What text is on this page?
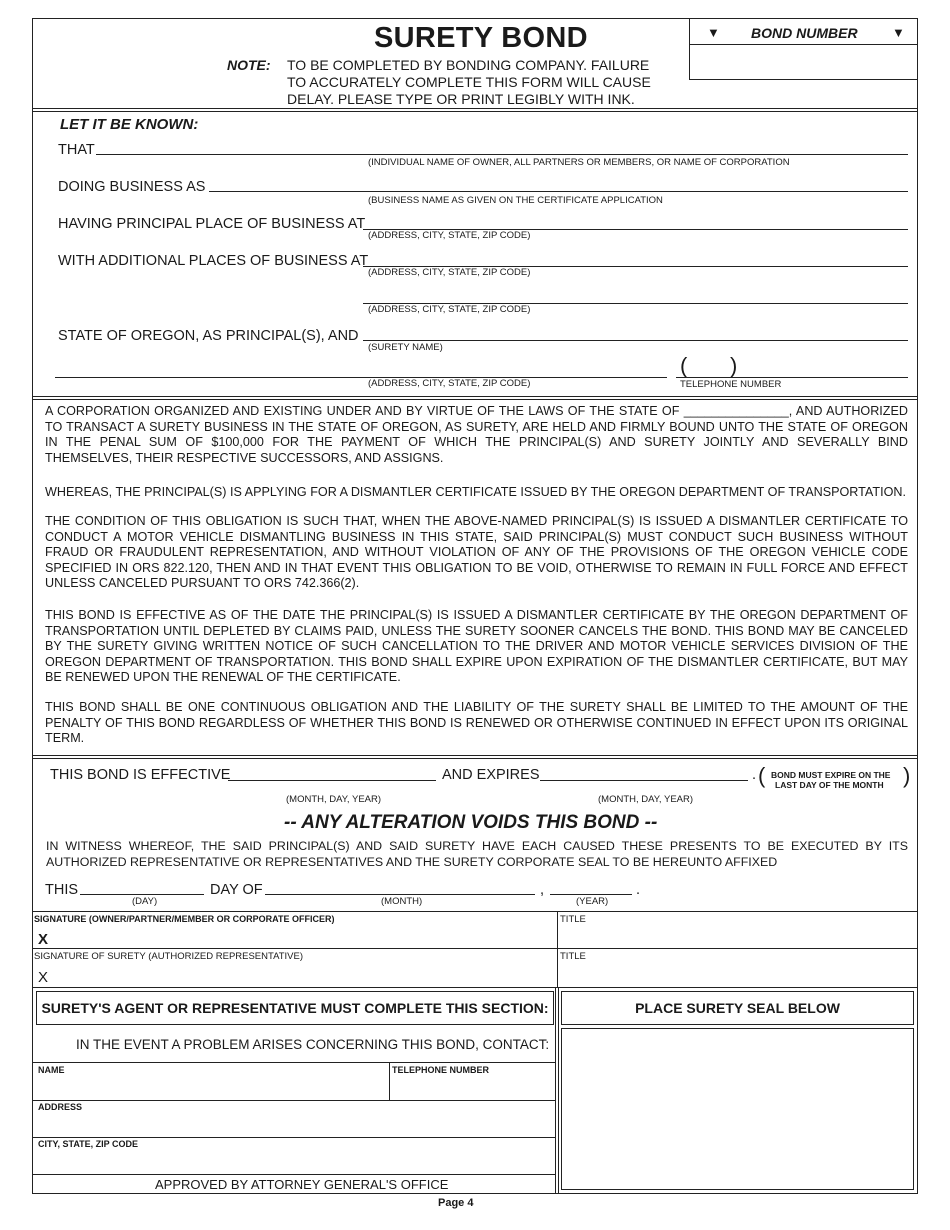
SURETY BOND
NOTE: TO BE COMPLETED BY BONDING COMPANY. FAILURE
TO ACCURATELY COMPLETE THIS FORM WILL CAUSE
DELAY. PLEASE TYPE OR PRINT LEGIBLY WITH INK.
▼ BOND NUMBER	▼
LET IT BE KNOWN:
THAT
(INDIVIDUAL NAME OF OWNER, ALL PARTNERS OR MEMBERS, OR NAME OF CORPORATION
DOING BUSINESS AS
(BUSINESS NAME AS GIVEN ON THE CERTIFICATE APPLICATION
HAVING PRINCIPAL PLACE OF BUSINESS AT
(ADDRESS, CITY, STATE, ZIP CODE)
WITH ADDITIONAL PLACES OF BUSINESS AT
(ADDRESS, CITY, STATE, ZIP CODE)
(ADDRESS, CITY, STATE, ZIP CODE)
STATE OF OREGON, AS PRINCIPAL(S), AND
(SURETY NAME)
(ADDRESS, CITY, STATE, ZIP CODE)
( )
TELEPHONE NUMBER
A CORPORATION ORGANIZED AND EXISTING UNDER AND BY VIRTUE OF THE LAWS OF THE STATE OF _______________, AND AUTHORIZED TO TRANSACT A SURETY BUSINESS IN THE STATE OF OREGON, AS SURETY, ARE HELD AND FIRMLY BOUND UNTO THE STATE OF OREGON IN THE PENAL SUM OF $100,000 FOR THE PAYMENT OF WHICH THE PRINCIPAL(S) AND SURETY JOINTLY AND SEVERALLY BIND THEMSELVES, THEIR RESPECTIVE SUCCESSORS, AND ASSIGNS.
WHEREAS, THE PRINCIPAL(S) IS APPLYING FOR A DISMANTLER CERTIFICATE ISSUED BY THE OREGON DEPARTMENT OF TRANSPORTATION.
THE CONDITION OF THIS OBLIGATION IS SUCH THAT, WHEN THE ABOVE-NAMED PRINCIPAL(S) IS ISSUED A DISMANTLER CERTIFICATE TO CONDUCT A MOTOR VEHICLE DISMANTLING BUSINESS IN THIS STATE, SAID PRINCIPAL(S) MUST CONDUCT SUCH BUSINESS WITHOUT FRAUD OR FRAUDULENT REPRESENTATION, AND WITHOUT VIOLATION OF ANY OF THE PROVISIONS OF THE OREGON VEHICLE CODE SPECIFIED IN ORS 822.120, THEN AND IN THAT EVENT THIS OBLIGATION TO BE VOID, OTHERWISE TO REMAIN IN FULL FORCE AND EFFECT UNLESS CANCELED PURSUANT TO ORS 742.366(2).
THIS BOND IS EFFECTIVE AS OF THE DATE THE PRINCIPAL(S) IS ISSUED A DISMANTLER CERTIFICATE BY THE OREGON DEPARTMENT OF TRANSPORTATION UNTIL DEPLETED BY CLAIMS PAID, UNLESS THE SURETY SOONER CANCELS THE BOND. THIS BOND MAY BE CANCELED BY THE SURETY GIVING WRITTEN NOTICE OF SUCH CANCELLATION TO THE DRIVER AND MOTOR VEHICLE SERVICES DIVISION OF THE OREGON DEPARTMENT OF TRANSPORTATION. THIS BOND SHALL EXPIRE UPON EXPIRATION OF THE DISMANTLER CERTIFICATE, BUT MAY BE RENEWED UPON THE RENEWAL OF THE CERTIFICATE.
THIS BOND SHALL BE ONE CONTINUOUS OBLIGATION AND THE LIABILITY OF THE SURETY SHALL BE LIMITED TO THE AMOUNT OF THE PENALTY OF THIS BOND REGARDLESS OF WHETHER THIS BOND IS RENEWED OR OTHERWISE CONTINUED IN EFFECT UPON ITS ORIGINAL TERM.
THIS BOND IS EFFECTIVE	AND EXPIRES	. ( BOND MUST EXPIRE ON THE
LAST DAY OF THE MONTH )
(MONTH, DAY, YEAR)	(MONTH, DAY, YEAR)
-- ANY ALTERATION VOIDS THIS BOND --
IN WITNESS WHEREOF, THE SAID PRINCIPAL(S) AND SAID SURETY HAVE EACH CAUSED THESE PRESENTS TO BE EXECUTED BY ITS AUTHORIZED REPRESENTATIVE OR REPRESENTATIVES AND THE SURETY CORPORATE SEAL TO BE HEREUNTO AFFIXED
THIS	DAY OF	,	.
(DAY)	(MONTH)	(YEAR)
SIGNATURE (OWNER/PARTNER/MEMBER OR CORPORATE OFFICER)
X
TITLE
SIGNATURE OF SURETY (AUTHORIZED REPRESENTATIVE)
X
TITLE
SURETY'S AGENT OR REPRESENTATIVE MUST COMPLETE THIS SECTION:
IN THE EVENT A PROBLEM ARISES CONCERNING THIS BOND, CONTACT:
NAME	TELEPHONE NUMBER
ADDRESS
CITY, STATE, ZIP CODE
APPROVED BY ATTORNEY GENERAL'S OFFICE
PLACE SURETY SEAL BELOW
Page 4
